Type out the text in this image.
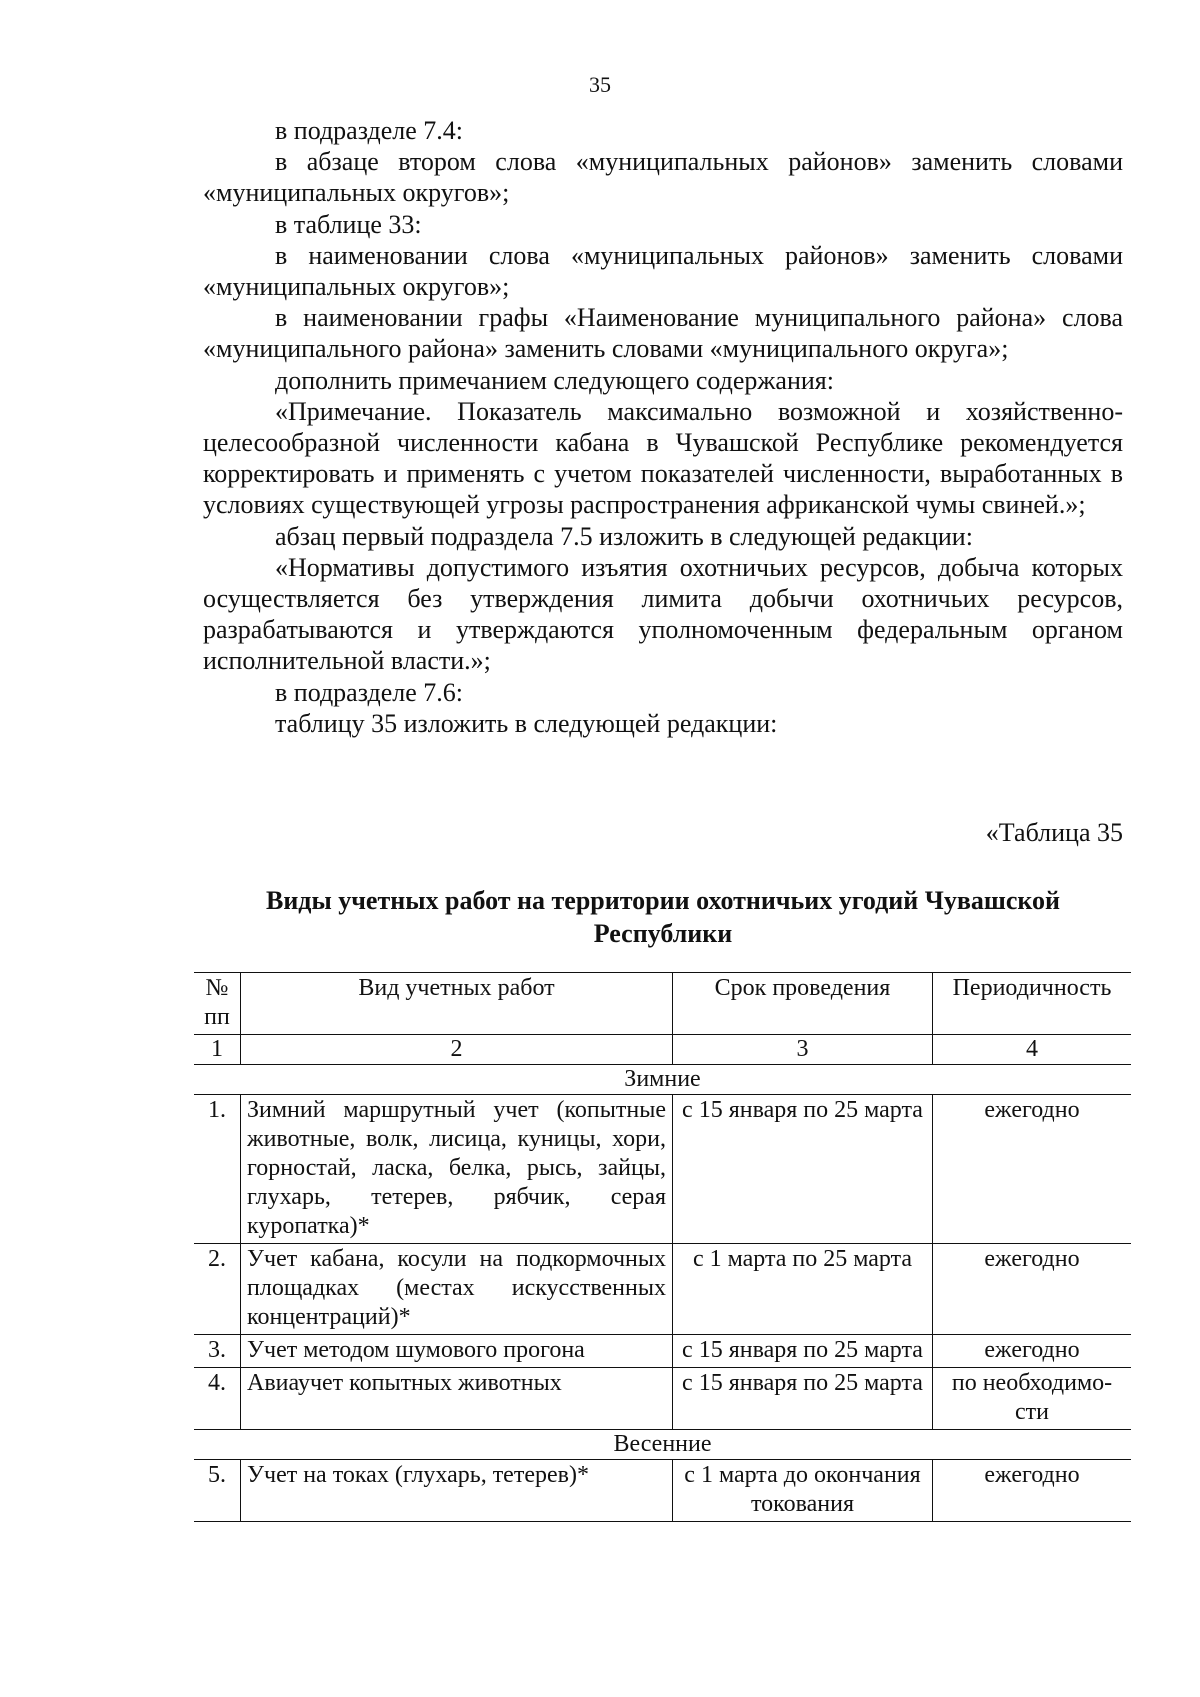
35

в подразделе 7.4:

в абзаце втором слова «муниципальных районов» заменить словами «муниципальных округов»;

в таблице 33:

в наименовании слова «муниципальных районов» заменить словами «муниципальных округов»;

в наименовании графы «Наименование муниципального района» слова «муниципального района» заменить словами «муниципального округа»;

дополнить примечанием следующего содержания:

«Примечание. Показатель максимально возможной и хозяйственно-целесообразной численности кабана в Чувашской Республике рекомендуется корректировать и применять с учетом показателей численности, выработанных в условиях существующей угрозы распространения африканской чумы свиней.»;

абзац первый подраздела 7.5 изложить в следующей редакции:

«Нормативы допустимого изъятия охотничьих ресурсов, добыча которых осуществляется без утверждения лимита добычи охотничьих ресурсов, разрабатываются и утверждаются уполномоченным федеральным органом исполнительной власти.»;

в подразделе 7.6:

таблицу 35 изложить в следующей редакции:

«Таблица 35
Виды учетных работ на территории охотничьих угодий Чувашской Республики
№ пп	Вид учетных работ	Срок проведения	Периодичность
1	2	3	4
Зимние			
1.	Зимний маршрутный учет (копытные животные, волк, лисица, куницы, хори, горностай, ласка, белка, рысь, зайцы, глухарь, тетерев, рябчик, серая куропатка)*	с 15 января по 25 марта	ежегодно
2.	Учет кабана, косули на подкормочных площадках (местах искусственных концентраций)*	с 1 марта по 25 марта	ежегодно
3.	Учет методом шумового прогона	с 15 января по 25 марта	ежегодно
4.	Авиаучет копытных животных	с 15 января по 25 марта	по необходимости
Весенние			
5.	Учет на токах (глухарь, тетерев)*	с 1 марта до окончания токования	ежегодно
